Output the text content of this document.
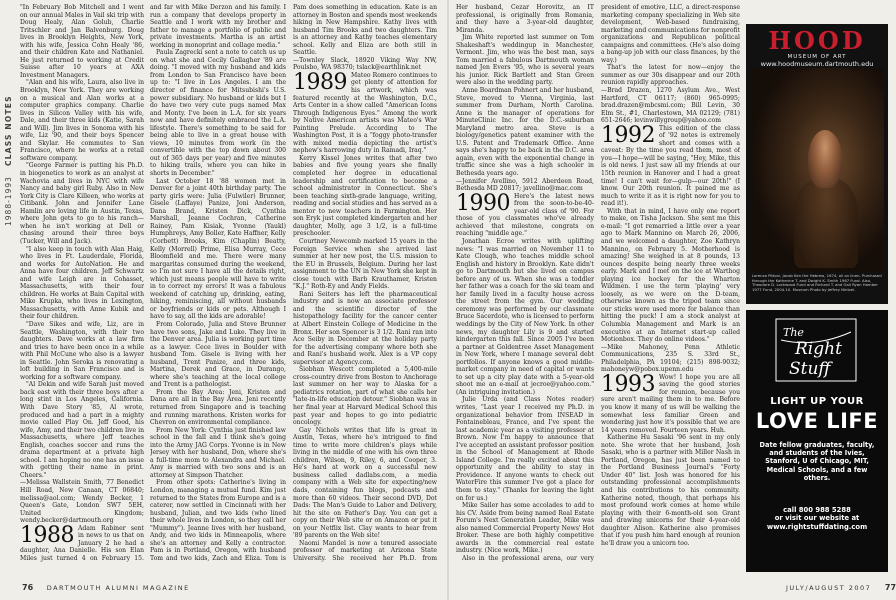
1988-1993   CLASS NOTES

"In February Bob Mitchell and I went on our annual Males in Vail ski trip with Doug Healy, Alan Golub, Charlie Tritschler and Jan Balvenburg. Doug lives in Brooklyn Heights, New York, with his wife, Jessica Cohn Healy '86, and their children Kate and Nathaniel. He just returned to working at Credit Suisse after 10 years at AXA Investment Managers.

"Alan and his wife, Laura, also live in Brooklyn, New York. They are working on a musical and Alan works at a computer graphics company. Charlie lives in Silicon Valley with his wife, Dale, and their three kids (Katie, Sarah and Will). Jim lives in Sonoma with his wife, Liz '90, and their boys Spencer and Skylar. He commutes to San Francisco, where he works at a retail software company.

"George Farmer is putting his Ph.D. in biogenetics to work as an analyst at Wachovia and lives in NYC with wife Nancy and baby girl Ruby. Also in New York City is Clare Killeen, who works at Citibank. John and Jennifer Lane Hamlin are loving life in Austin, Texas, where John gets to go to his ranch—when he isn't working at Dell or chasing around their three boys (Tucker, Will and Jack).

"I also keep in touch with Alan Haig, who lives in Ft. Lauderdale, Florida, and works for AutoNation. He and Anna have four children. Jeff Schwartz and wife Leigh are in Cohasset, Massachusetts, with their four children. He works at Bain Capital with Mike Krupka, who lives in Lexington, Massachusetts, with Anne Kubik and their four children.

"Dave Sikes and wife, Liz, are in Seattle, Washington, with their two daughters. Dave works at a law firm and tries to have been once in a while with Phil McCune who also is a lawyer in Seattle. John Seroka is renovating a loft building in San Francisco and is working for a software company.

"Al Dekin and wife Sarah just moved back east with their three boys after a long stint in Los Angeles, California. With Dave Story '85, Al wrote, produced and had a part in a mighty movie called Play On. Jeff Good, his wife, Amy, and their two children live in Massachusetts, where Jeff teaches English, coaches soccer and runs the drama department at a private high school. I am hoping no one has an issue with getting their name in print. Cheers."

—Melissa Wallstein Smith, 77 Benedict Hill Road, New Canaan, CT 06840; melissa@aol.com; Wendy Becker, 1 Queen's Gate, London SW7 5EH, United Kingdom; wendy.becker@dartmouth.org

1988 Adam Rabiner sent in news to us that on January 2 he had a daughter, Ana Danielle. His son Elan Miles just turned 4 on February 15.

and far with Mike Derzon and his family. I run a company that develops property in Seattle and I work with my brother and father to manage a portfolio of public and private investments. Martha is an artist working in monoprint and collage media."

Paula Zagrecki sent a note to catch us up on what she and Cecily Gallagher '89 are doing. "I moved with my husband and kids from London to San Francisco have been up to: "I live in Los Angeles. I am the director of finance for Mitsubishi's U.S. power subsidiary. No husband or kids but I do have two very cute pugs named Max and Monty. I've been in L.A. for six years now and have definitely embraced the L.A. lifestyle. There's something to be said for being able to live in a great house with views, 10 minutes from work (in the convertible with the top down about 300 out of 365 days per year) and five minutes to hiking trails, where you can hike in shorts in December."

Last October 18 '88 women met in Denver for a joint 40th birthday party. The party girls were: Julia (Fulwiler) Brunner, Gisele (Laffaye) Panize, Joni Anderson, Dana Brand, Kristen Dick, Cynthia Marshall, Jeanne Cochran, Catherine Rainey, Pam Kisiak, Yvonne (Yaukl) Humphreys, Amy Boller, Kate Haffner, Kelly (Corbett) Brooks, Kim (Chaplin) Beatty, Kelly (Morrell) Prime, Elisa Murray, Cece Bloomfield and me. There were many margaritas consumed during the weekend, so I'm not sure I have all the details right, which just means people will have to write in to correct my errors! It was a fabulous weekend of catching up, drinking, eating, hiking, reminiscing, all without husbands or boyfriends or kids or pets. Although I have to say, all the kids are adorable!

From Colorado, Julia and Steve Brunner have two sons, Jake and Luke. They live in the Denver area. Julia is working part time as a lawyer. Cece lives in Boulder with husband Tom. Gisele is living with her husband, Trent Panize, and three kids, Martina, Derek and Grace, in Durango, where she's teaching at the local college and Trent is a pathologist.

From the Bay Area: Jeni, Kristen and Dana are all in the Bay Area. Jeni recently returned from Singapore and is teaching and running marathons. Kristen works for Chevron on environmental compliance.

From New York: Cynthia just finished law school in the fall and I think she's going into the Army JAG Corps. Yvonne is in New Jersey with her husband, Don, where she's a full-time mom to Alexandra and Michael. Amy is married with two sons and is an attorney at Simpson Thatcher.

From other spots: Catherine's living in London, managing a mutual fund. Kim just returned to the States from Europe and is a caterer, now settled in Cincinnati with her husband, Julian, and two kids (who lined their whole lives in London, so they call her "Mummy"). Jeanne lives with her husband, Andy, and two kids in Minneapolis, where she's an attorney and Kelly a contractor. Pam is in Portland, Oregon, with husband Tom and two kids, Zach and Eliza. Tom is

Pam does something in education. Kate is an attorney in Boston and spends most weekends hiking in New Hampshire. Kathy lives with husband Tim Brooks and two daughters. Tim is an attorney and Kathy teaches elementary school. Kelly and Eliza are both still in Seattle.

—Townley Slack, 18920 Viking Way NW, Poulsbo, WA 98370; tslack@earthlink.net

1989 Mateo Romero continues to get plenty of attention for his artwork, which was featured recently at the Washington, D.C., Arts Center in a show called "American Icons Through Indigenous Eyes." Among the work by Native American artists was Mateo's War Painting Prelude. According to The Washington Post, it is a "foggy photo-transfer with mixed media depicting the artist's nephew's harrowing duty in Ramadi, Iraq."

Kerry Kissel Jones writes that after two babies and five young years she finally completed her degree in educational leadership and certification to become a school administrator in Connecticut. She's been teaching sixth-grade language, writing, reading and social studies and has served as a mentor to new teachers in Farmington. Her son Eryk just completed kindergarten and her daughter, Molly, age 3 1/2, is a full-time preschooler.

Courtney Newcomb marked 15 years in the Foreign Service when she arrived last summer at her new post, the U.S. mission to the EU in Brussels, Belgium. During her last assignment to the UN in New York she kept in close touch with Barb Krauthamer, Kristen "K.J." Roth-Ey and Andy Fields.

Rani Seiters has left the pharmaceutical industry and is now an associate professor and the scientific director of the histopathology facility for the cancer center at Albert Einstein College of Medicine in the Bronx. Her son Spencer is 3 1/2. Rani ran into Ace Seiby in December at the holiday party for the advertising company where both she and Rani's husband work. Alex is a VP copy supervisor at Agency.com.

Siobhan Wescott completed a 5,400-mile cross-country drive from Boston to Anchorage last summer on her way to Alaska for a pediatrics rotation, part of what she calls her "late-in-life education detour." Siobhan was in her final year at Harvard Medical School this past year and hopes to go into pediatric oncology.

Gay Nichols writes that life is great in Austin, Texas, where he's intrigued to find time to write more children's plays while living in the middle of one with his own three children, Wilson, 9, Riley, 6, and Cooper, 3. He's hard at work on a successful new business called dadlabs.com, a media company with a Web site for expecting/new dads, containing fun blogs, podcasts and more than 60 videos. Their second DVD, Dot Dads: The Man's Guide to Labor and Delivery, hit the site on Father's Day. You can get a copy on their Web site or on Amazon or put it on your Netflix list. Clay wants to hear from '89 parents on the Web site!

Naomi Mandel is now a tenured associate professor of marketing at Arizona State University. She received her Ph.D. from

Her husband, Cezar Horovitz, an IT professional, is originally from Romania, and they have a 3-year-old daughter, Miranda.

Jim White reported last summer on Tom Shakeshaft's weddingup in Manchester, Vermont. Jim, who was the best man, says Tom married a fabulous Dartmouth woman named Jen Evers '95, who is several years his junior. Rick Bartlett and Stan Green were also in the wedding party.

Anne Boardman Pohnert and her husband, Steve, moved to Vienna, Virginia, last summer from Durham, North Carolina. Anne is the manager of operations for MinuteClinic Inc. for the D.C.-suburban Maryland metro area. Steve is a biology/genetics patent examiner with the U.S. Patent and Trademark Office. Anne says she's happy to be back in the D.C. area again, even with the exponential change in traffic since she was a high schooler in Bethesda years ago.

—Jennifer Avellino, 5912 Aberdeen Road, Bethesda MD 20817; javellino@mac.com

1990 Here's the latest news from the soon-to-be-40-year-old class of '90. For those of you classmates who've already achieved that milestone, congrats on reaching "middle age."

Jonathan Ecroe writes with uplifting news: "I was married on November 11 to Kate Clough, who teaches middle school English and history in Brooklyn. Kate didn't go to Dartmouth but she lived on campus before any of us. When she was a toddler her father was a coach for the ski team and her family lived in a faculty house across the street from the gym. Our wedding ceremony was performed by our classmate Bruce Sacerdote, who is licensed to perform weddings by the City of New York. In other news, my daughter Lily is 9 and started kindergarten this fall. Since 2005 I've been a partner at Goldentree Asset Management in New York, where I manage several debt portfolios. If anyone knows a good middle-market company in need of capital or wants to set up a city play date with a 5-year-old shoot me an e-mail at jecroe@yahoo.com." (An intriguing invitation.)

Julie Urda (and Class Notes reader) writes, "Last year I received my Ph.D. in organizational behavior from INSEAD in Fontainebleau, France, and I've spent the last academic year as a visiting professor at Brown. Now I'm happy to announce that I've accepted an assistant professor position in the School of Management at Rhode Island College. I'm really excited about this opportunity and the ability to stay in Providence. If anyone wants to check out WaterFire this summer I've got a place for them to stay." (Thanks for leaving the light on for us.)

Mike Sailer has some accolades to add to his CV. Aside from being named Real Estate Forum's Next Generation Leader, Mike was also named Commercial Property News' Hot Broker. These are both highly competitive awards in the commercial real estate industry. (Nice work, Mike.)

Also in the professional arena, our very

president of emotive, LLC, a direct-response marketing company specializing in Web site development, Web-based fundraising, marketing and communications for nonprofit organizations and Republican political campaigns and committees. (He's also doing a bang-up job with our class finances, by the way.)

That's the latest for now—enjoy the summer as our 30s disappear and our 20th reunion rapidly approaches.

—Brad Drazen, 1270 Asylum Ave., West Hartford, CT 06117; (860) 965-0995; brad.drazen@mbcsmi.com; Bill Levin, 30 Elm St., #1, Charlestown, MA 02129; (781) 651-2646; levinwillygroup@yahoo.com

1992 This edition of the class of '92 notes is extremely short and comes with a caveat: By the time you read them, most of you—I hope—will be saying, "Hey, Mike, this is old news. I just saw all my friends at our 15th reunion in Hanover and I had a great time! I can't wait for—gulp—our 20th!" (I know. Our 20th reunion. It pained me as much to write it as it is right now for you to read it!).

With that in mind, I have only one report to make, on Tisha Jackson. She sent me this e-mail: "I got remarried a little over a year ago to Mark Mannino on March 26, 2006, and we welcomed a daughter, Zoe Kathryn Mannino, on February 5. Motherhood is amazing! She weighed in at 8 pounds, 13 ounces despite being nearly three weeks early. Mark and I met on the ice at Warthog playing ice hockey for the Wharton Wildmen. I use the term 'playing' very loosely, as we were on the D-team, otherwise known as the tripod team since our sticks were used more for balance than hitting the puck! I am a stock analyst at Columbia Management and Mark is an executive at an Internet start-up called Motionbox. They do online videos."

—Mike Mahoney, Penn Athletic Communications, 235 S. 33rd St., Philadelphia, PA 19104; (215) 898-9032; mahoneyw@pobox.upenn.edu

1993 Wow! I hope you are all saving the good stories for reunion, because you sure aren't mailing them in to me. Before you know it many of us will be walking the somewhat less familiar Green and wondering just how it's possible that we are 14 years removed. Fourteen years. Huh.

Katherine Hu Sasaki '96 sent in my only note. She wrote that her husband, Josh Sasaki, who is a partner with Miller Nash in Portland, Oregon, has just been named to the Portland Business Journal's "Forty Under 40" list. Josh was honored for his outstanding professional accomplishments and his contributions to his community. Katherine noted, though, that perhaps his most profound work comes at home while playing with their 6-month-old son Grant and drawing unicorns for their 4-year-old daughter Alison. Katherine also promises that if you push him hard enough at reunion he'll draw you a unicorn too.

HOOD
MUSEUM OF ART
www.hoodmuseum.dartmouth.edu
Lorenzo Pittoni, Jacob Ken the Hebrew, 1674, oil on linen. Purchased through the Katherine T. and Dwight K. Smith 1967 Fund. Also, Theodore D. Lockwood Fund and Richard T. and Gail Ryan Hamber 1977 Fund, 2004.10. Museum Photo by Jeffrey Nintzel.
The
Right
Stuff
LIGHT UP YOUR
LOVE LIFE
Date fellow graduates, faculty, and students of the Ivies, Stanford, U of Chicago, MIT, Medical Schools, and a few others.
call 800 988 5288
or visit our website at
www.rightstuffdating.com
76 DARTMOUTH ALUMNI MAGAZINE	JULY/AUGUST 2007 77
